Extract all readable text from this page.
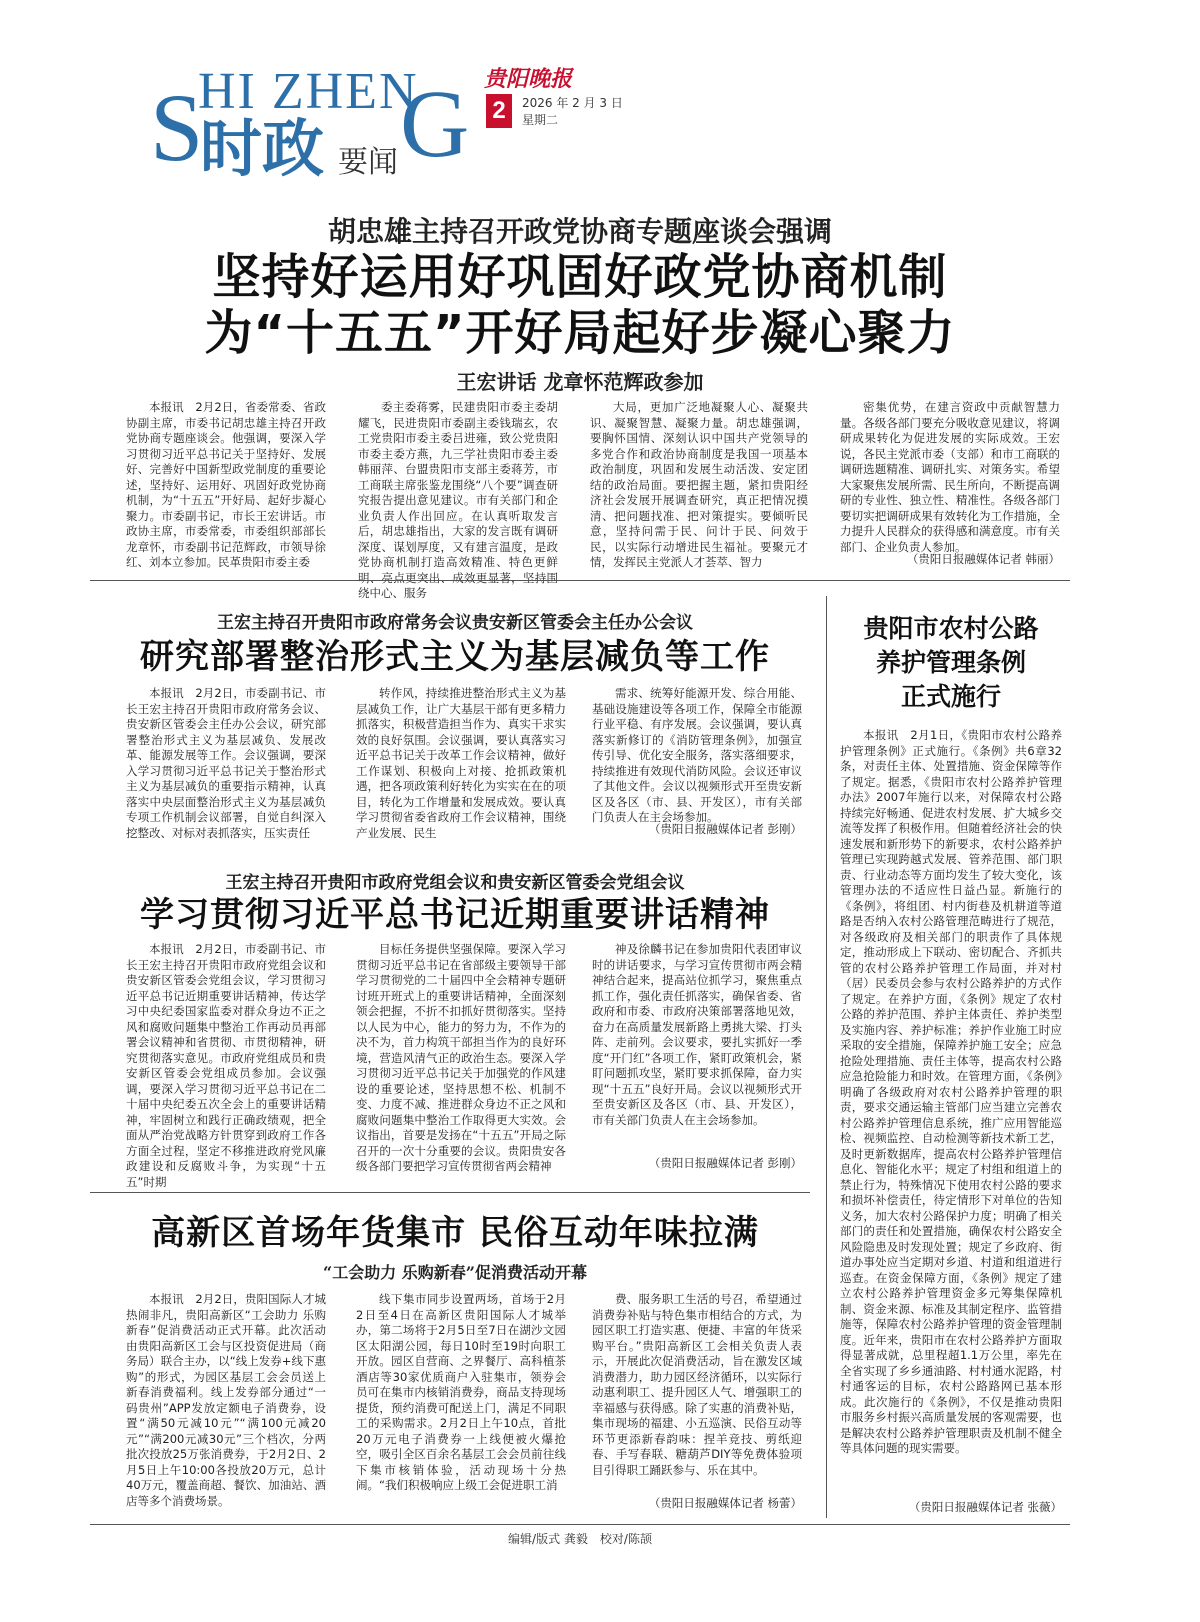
S
HI ZHEN
G
时政 要闻
贵阳晚报
2	2026 年 2 月 3 日
星期二
胡忠雄主持召开政党协商专题座谈会强调
坚持好运用好巩固好政党协商机制
为“十五五”开好局起好步凝心聚力
王宏讲话 龙章怀范辉政参加

本报讯　2月2日，省委常委、省政协副主席，市委书记胡忠雄主持召开政党协商专题座谈会。他强调，要深入学习贯彻习近平总书记关于坚持好、发展好、完善好中国新型政党制度的重要论述，坚持好、运用好、巩固好政党协商机制，为“十五五”开好局、起好步凝心聚力。市委副书记，市长王宏讲话。市政协主席，市委常委，市委组织部部长龙章怀，市委副书记范辉政，市领导徐红、刘本立参加。民革贵阳市委主委

委主委蒋雾，民建贵阳市委主委胡耀飞，民进贵阳市委副主委钱瑞玄，农工党贵阳市委主委吕进雍，致公党贵阳市委主委方燕，九三学社贵阳市委主委韩丽萍、台盟贵阳市支部主委蒋芳，市工商联主席张鉴龙围绕“八个要”调查研究报告提出意见建议。市有关部门和企业负责人作出回应。在认真听取发言后，胡忠雄指出，大家的发言既有调研深度、谋划厚度，又有建言温度，是政党协商机制打造高效精准、特色更鲜明、亮点更突出、成效更显著，坚持围绕中心、服务

大局，更加广泛地凝聚人心、凝聚共识、凝聚智慧、凝聚力量。胡忠雄强调，要胸怀国情、深刻认识中国共产党领导的多党合作和政治协商制度是我国一项基本政治制度，巩固和发展生动活泼、安定团结的政治局面。要把握主题，紧扣贵阳经济社会发展开展调查研究，真正把情况摸清、把问题找准、把对策提实。要倾听民意，坚持问需于民、问计于民、问效于民，以实际行动增进民生福祉。要聚元才情，发挥民主党派人才荟萃、智力

密集优势，在建言资政中贡献智慧力量。各级各部门要充分吸收意见建议，将调研成果转化为促进发展的实际成效。王宏说，各民主党派市委（支部）和市工商联的调研选题精准、调研扎实、对策务实。希望大家聚焦发展所需、民生所向，不断提高调研的专业性、独立性、精准性。各级各部门要切实把调研成果有效转化为工作措施，全力提升人民群众的获得感和满意度。市有关部门、企业负责人参加。

（贵阳日报融媒体记者 韩丽）

王宏主持召开贵阳市政府常务会议贵安新区管委会主任办公会议
研究部署整治形式主义为基层减负等工作

本报讯　2月2日，市委副书记、市长王宏主持召开贵阳市政府常务会议、贵安新区管委会主任办公会议，研究部署整治形式主义为基层减负、发展改革、能源发展等工作。会议强调，要深入学习贯彻习近平总书记关于整治形式主义为基层减负的重要指示精神，认真落实中央层面整治形式主义为基层减负专项工作机制会议部署，自觉自纠深入挖整改、对标对表抓落实，压实责任

转作风，持续推进整治形式主义为基层减负工作，让广大基层干部有更多精力抓落实，积极营造担当作为、真实干求实效的良好氛围。会议强调，要认真落实习近平总书记关于改革工作会议精神，做好工作谋划、积极向上对接、抢抓政策机遇，把各项政策利好转化为实实在在的项目，转化为工作增量和发展成效。要认真学习贯彻省委省政府工作会议精神，围绕产业发展、民生

需求、统筹好能源开发、综合用能、基础设施建设等各项工作，保障全市能源行业平稳、有序发展。会议强调，要认真落实新修订的《消防管理条例》，加强宣传引导、优化安全服务，落实落细要求，持续推进有效现代消防风险。会议还审议了其他文件。会议以视频形式开至贵安新区及各区（市、县、开发区），市有关部门负责人在主会场参加。

（贵阳日报融媒体记者 彭刚）

王宏主持召开贵阳市政府党组会议和贵安新区管委会党组会议
学习贯彻习近平总书记近期重要讲话精神

本报讯　2月2日，市委副书记、市长王宏主持召开贵阳市政府党组会议和贵安新区管委会党组会议，学习贯彻习近平总书记近期重要讲话精神，传达学习中央纪委国家监委对群众身边不正之风和腐败问题集中整治工作再动员再部署会议精神和省贯彻、市贯彻精神，研究贯彻落实意见。市政府党组成员和贵安新区管委会党组成员参加。会议强调，要深入学习贯彻习近平总书记在二十届中央纪委五次全会上的重要讲话精神，牢固树立和践行正确政绩观，把全面从严治党战略方针贯穿到政府工作各方面全过程，坚定不移推进政府党风廉政建设和反腐败斗争，为实现“十五五”时期

目标任务提供坚强保障。要深入学习贯彻习近平总书记在省部级主要领导干部学习贯彻党的二十届四中全会精神专题研讨班开班式上的重要讲话精神，全面深刻领会把握，不折不扣抓好贯彻落实。坚持以人民为中心，能力的努力为，不作为的决不为，首力构筑干部担当作为的良好环境，营造风清气正的政治生态。要深入学习贯彻习近平总书记关于加强党的作风建设的重要论述，坚持思想不松、机制不变、力度不减、推进群众身边不正之风和腐败问题集中整治工作取得更大实效。会议指出，首要是发扬在“十五五”开局之际召开的一次十分重要的会议。贵阳贵安各级各部门要把学习宣传贯彻省两会精神

神及徐麟书记在参加贵阳代表团审议时的讲话要求，与学习宣传贯彻市两会精神结合起来，提高站位抓学习，聚焦重点抓工作，强化责任抓落实，确保省委、省政府和市委、市政府决策部署落地见效，奋力在高质量发展新路上勇挑大梁、打头阵、走前列。会议要求，要扎实抓好一季度“开门红”各项工作，紧盯政策机会，紧盯问题抓攻坚，紧盯要求抓保障，奋力实现“十五五”良好开局。会议以视频形式开至贵安新区及各区（市、县、开发区），市有关部门负责人在主会场参加。

（贵阳日报融媒体记者 彭刚）

高新区首场年货集市 民俗互动年味拉满
“工会助力 乐购新春”促消费活动开幕

本报讯　2月2日，贵阳国际人才城热闹非凡，贵阳高新区“工会助力 乐购新春”促消费活动正式开幕。此次活动由贵阳高新区工会与区投资促进局（商务局）联合主办，以“线上发券+线下惠购”的形式，为园区基层工会会员送上新春消费福利。线上发券部分通过“一码贵州”APP发放定额电子消费券，设置“满50元减10元”“满100元减20元”“满200元减30元”三个档次，分两批次投放25万张消费券，于2月2日、2月5日上午10:00各投放20万元，总计40万元，覆盖商超、餐饮、加油站、酒店等多个消费场景。

线下集市同步设置两场，首场于2月2日至4日在高新区贵阳国际人才城举办，第二场将于2月5日至7日在湖沙文园区太阳湖公园，每日10时至19时向职工开放。园区自营商、之界餐厅、高科植茶酒店等30家优质商户入驻集市，领券会员可在集市内核销消费券，商品支持现场提货，预约消费可配送上门，满足不同职工的采购需求。2月2日上午10点，首批20万元电子消费券一上线便被火爆抢空，吸引全区百余名基层工会会员前往线下集市核销体验，活动现场十分热闹。“我们积极响应上级工会促进职工消

费、服务职工生活的号召，希望通过消费券补贴与特色集市相结合的方式，为园区职工打造实惠、便捷、丰富的年货采购平台。”贵阳高新区工会相关负责人表示，开展此次促消费活动，旨在激发区域消费潜力，助力园区经济循环，以实际行动惠利职工、提升园区人气、增强职工的幸福感与获得感。除了实惠的消费补贴，集市现场的福建、小五巡演、民俗互动等环节更添新春韵味：捏羊竞技、剪纸迎春、手写春联、糖葫芦DIY等免费体验项目引得职工踊跃参与、乐在其中。

（贵阳日报融媒体记者 杨蕾）

贵阳市农村公路
养护管理条例
正式施行

本报讯　2月1日，《贵阳市农村公路养护管理条例》正式施行。《条例》共6章32条，对责任主体、处置措施、资金保障等作了规定。据悉，《贵阳市农村公路养护管理办法》2007年施行以来，对保障农村公路持续完好畅通、促进农村发展、扩大城乡交流等发挥了积极作用。但随着经济社会的快速发展和新形势下的新要求，农村公路养护管理已实现跨越式发展、管养范围、部门职责、行业动态等方面均发生了较大变化，该管理办法的不适应性日益凸显。新施行的《条例》，将组团、村内街巷及机耕道等道路是否纳入农村公路管理范畴进行了规范，对各级政府及相关部门的职责作了具体规定，推动形成上下联动、密切配合、齐抓共管的农村公路养护管理工作局面，并对村（居）民委员会参与农村公路养护的方式作了规定。在养护方面，《条例》规定了农村公路的养护范围、养护主体责任、养护类型及实施内容、养护标准；养护作业施工时应采取的安全措施，保障养护施工安全；应急抢险处理措施、责任主体等，提高农村公路应急抢险能力和时效。在管理方面，《条例》明确了各级政府对农村公路养护管理的职责，要求交通运输主管部门应当建立完善农村公路养护管理信息系统，推广应用智能巡检、视频监控、自动检测等新技术新工艺，及时更新数据库，提高农村公路养护管理信息化、智能化水平；规定了村组和组道上的禁止行为，特殊情况下使用农村公路的要求和损坏补偿责任，待定情形下对单位的告知义务，加大农村公路保护力度；明确了相关部门的责任和处置措施，确保农村公路安全风险隐患及时发现处置；规定了乡政府、街道办事处应当定期对乡道、村道和组道进行巡查。在资金保障方面，《条例》规定了建立农村公路养护管理资金多元筹集保障机制、资金来源、标准及其制定程序、监管措施等，保障农村公路养护管理的资金管理制度。近年来，贵阳市在农村公路养护方面取得显著成就，总里程超1.1万公里，率先在全省实现了乡乡通油路、村村通水泥路，村村通客运的目标，农村公路路网已基本形成。此次施行的《条例》，不仅是推动贵阳市服务乡村振兴高质量发展的客观需要，也是解决农村公路养护管理职责及机制不健全等具体问题的现实需要。

（贵阳日报融媒体记者 张薇）

编辑/版式 龚毅　校对/陈颉
